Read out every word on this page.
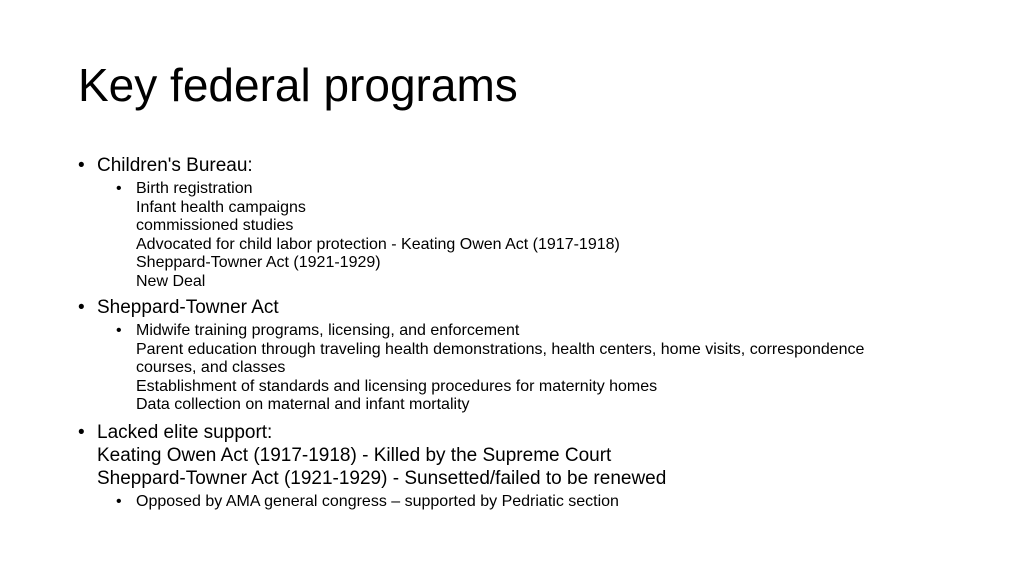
Key federal programs
• Children's Bureau:
• Birth registration
Infant health campaigns
commissioned studies
Advocated for child labor protection - Keating Owen Act (1917-1918)
Sheppard-Towner Act (1921-1929)
New Deal
• Sheppard-Towner Act
• Midwife training programs, licensing, and enforcement
Parent education through traveling health demonstrations, health centers, home visits, correspondence
courses, and classes
Establishment of standards and licensing procedures for maternity homes
Data collection on maternal and infant mortality
• Lacked elite support:
Keating Owen Act (1917-1918) - Killed by the Supreme Court
Sheppard-Towner Act (1921-1929) - Sunsetted/failed to be renewed
• Opposed by AMA general congress – supported by Pedriatic section
